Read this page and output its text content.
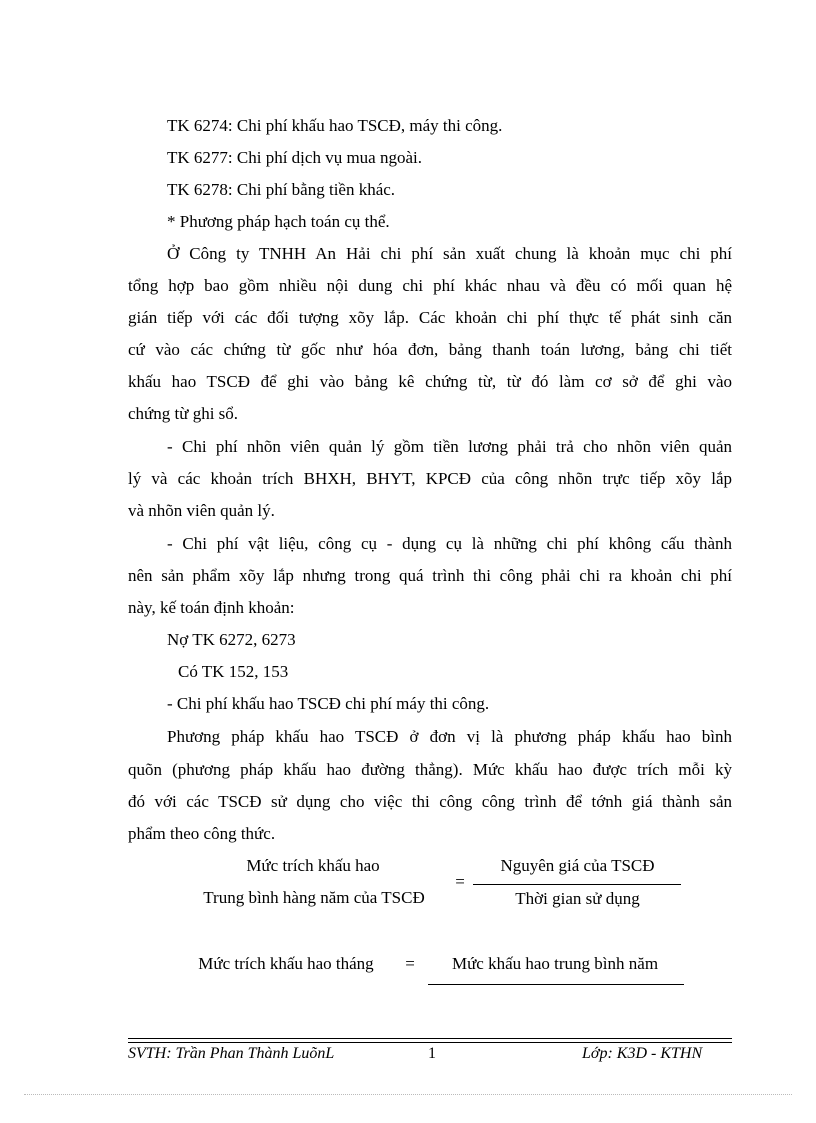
TK 6274: Chi phí khấu hao TSCĐ, máy thi công.

TK 6277: Chi phí dịch vụ mua ngoài.

TK 6278: Chi phí bằng tiền khác.

* Phương pháp hạch toán cụ thể.

Ở Công ty TNHH An Hải chi phí sản xuất chung là khoản mục chi phí

tổng hợp bao gồm nhiều nội dung chi phí khác nhau và đều có mối quan hệ

gián tiếp với các đối tượng xõy lắp. Các khoản chi phí thực tế phát sinh căn

cứ vào các chứng từ gốc như hóa đơn, bảng thanh toán lương, bảng chi tiết

khấu hao TSCĐ để ghi vào bảng kê chứng từ, từ đó làm cơ sở để ghi vào

chứng từ ghi sổ.

- Chi phí nhõn viên quản lý gồm tiền lương phải trả cho nhõn viên quản

lý và các khoản trích BHXH, BHYT, KPCĐ của công nhõn trực tiếp xõy lắp

và nhõn viên quản lý.

- Chi phí vật liệu, công cụ - dụng cụ là những chi phí không cấu thành

nên sản phẩm xõy lắp nhưng trong quá trình thi công phải chi ra khoản chi phí

này, kế toán định khoản:

Nợ TK 6272, 6273

Có TK 152, 153

- Chi phí khấu hao TSCĐ chi phí máy thi công.

Phương pháp khấu hao TSCĐ ở đơn vị là phương pháp khấu hao bình

quõn (phương pháp khấu hao đường thẳng). Mức khấu hao được trích mỗi kỳ

đó với các TSCĐ sử dụng cho việc thi công công trình để tớnh giá thành sản

phẩm theo công thức.

Mức trích khấu hao
Trung bình hàng năm của TSCĐ
=
Nguyên giá của TSCĐ
Thời gian sử dụng
Mức trích khấu hao tháng	=	Mức khấu hao trung bình năm
SVTH: Trần Phan Thành LuõnL	1	Lớp: K3D - KTHN
